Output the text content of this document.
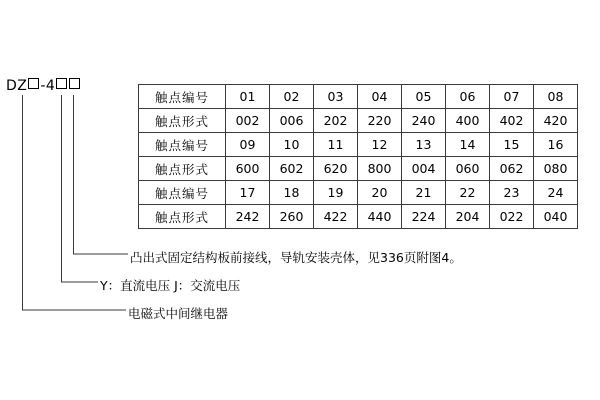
DZ -4
触点编号	01	02	03	04	05	06	07	08
触点形式	002	006	202	220	240	400	402	420
触点编号	09	10	11	12	13	14	15	16
触点形式	600	602	620	800	004	060	062	080
触点编号	17	18	19	20	21	22	23	24
触点形式	242	260	422	440	224	204	022	040
凸出式固定结构板前接线，导轨安装壳体，见336页附图4。
Y：直流电压 J：交流电压
电磁式中间继电器
